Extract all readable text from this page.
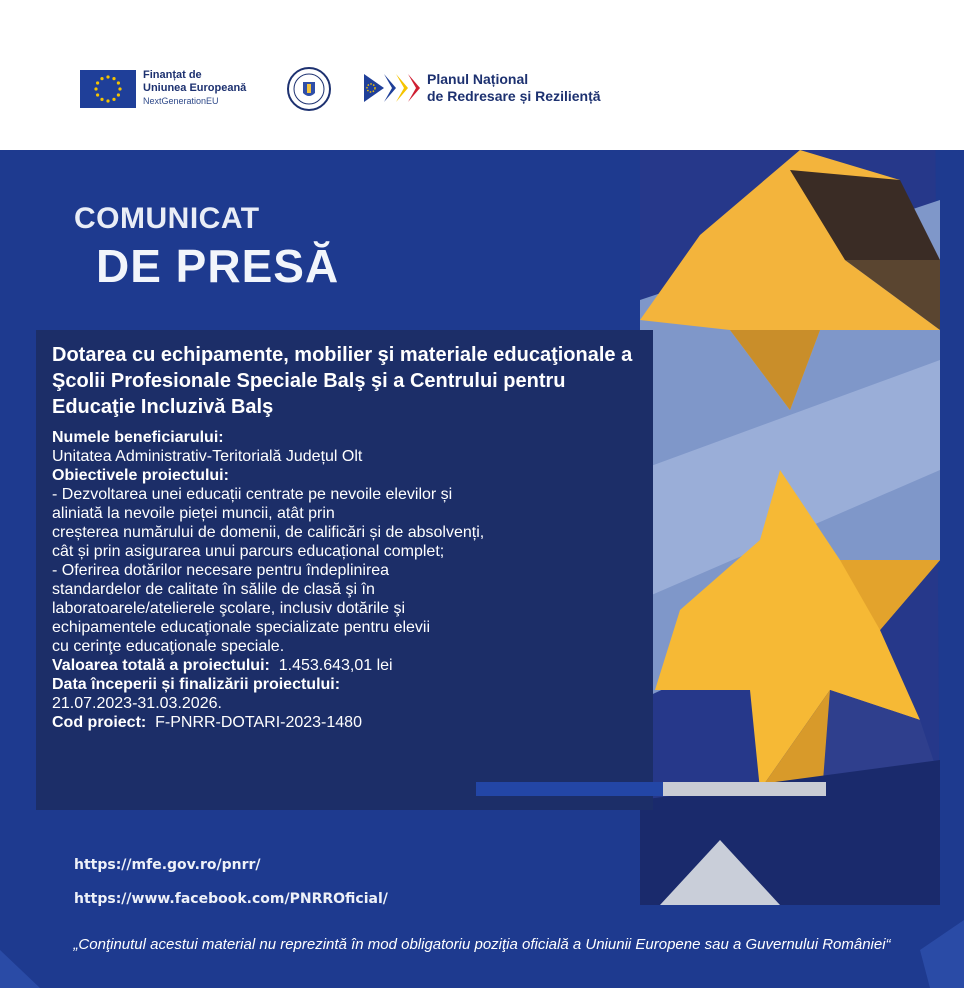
Finanțat de
Uniunea Europeană
NextGenerationEU
Planul Național
de Redresare și Reziliență
COMUNICAT
DE PRESĂ
Dotarea cu echipamente, mobilier şi materiale educaţionale a Şcolii Profesionale Speciale Balş şi a Centrului pentru Educaţie Incluzivă Balş
Numele beneficiarului:
Unitatea Administrativ-Teritorială Județul Olt
Obiectivele proiectului:
- Dezvoltarea unei educații centrate pe nevoile elevilor și
aliniată la nevoile pieței muncii, atât prin
creșterea numărului de domenii, de calificări și de absolvenți,
cât și prin asigurarea unui parcurs educațional complet;
- Oferirea dotărilor necesare pentru îndeplinirea
standardelor de calitate în sălile de clasă şi în
laboratoarele/atelierele şcolare, inclusiv dotările şi
echipamentele educaţionale specializate pentru elevii
cu cerinţe educaţionale speciale.
Valoarea totală a proiectului: 1.453.643,01 lei
Data începerii și finalizării proiectului:
21.07.2023-31.03.2026.
Cod proiect: F-PNRR-DOTARI-2023-1480
https://mfe.gov.ro/pnrr/
https://www.facebook.com/PNRROficial/
„Conţinutul acestui material nu reprezintă în mod obligatoriu poziţia oficială a Uniunii Europene sau a Guvernului României“
